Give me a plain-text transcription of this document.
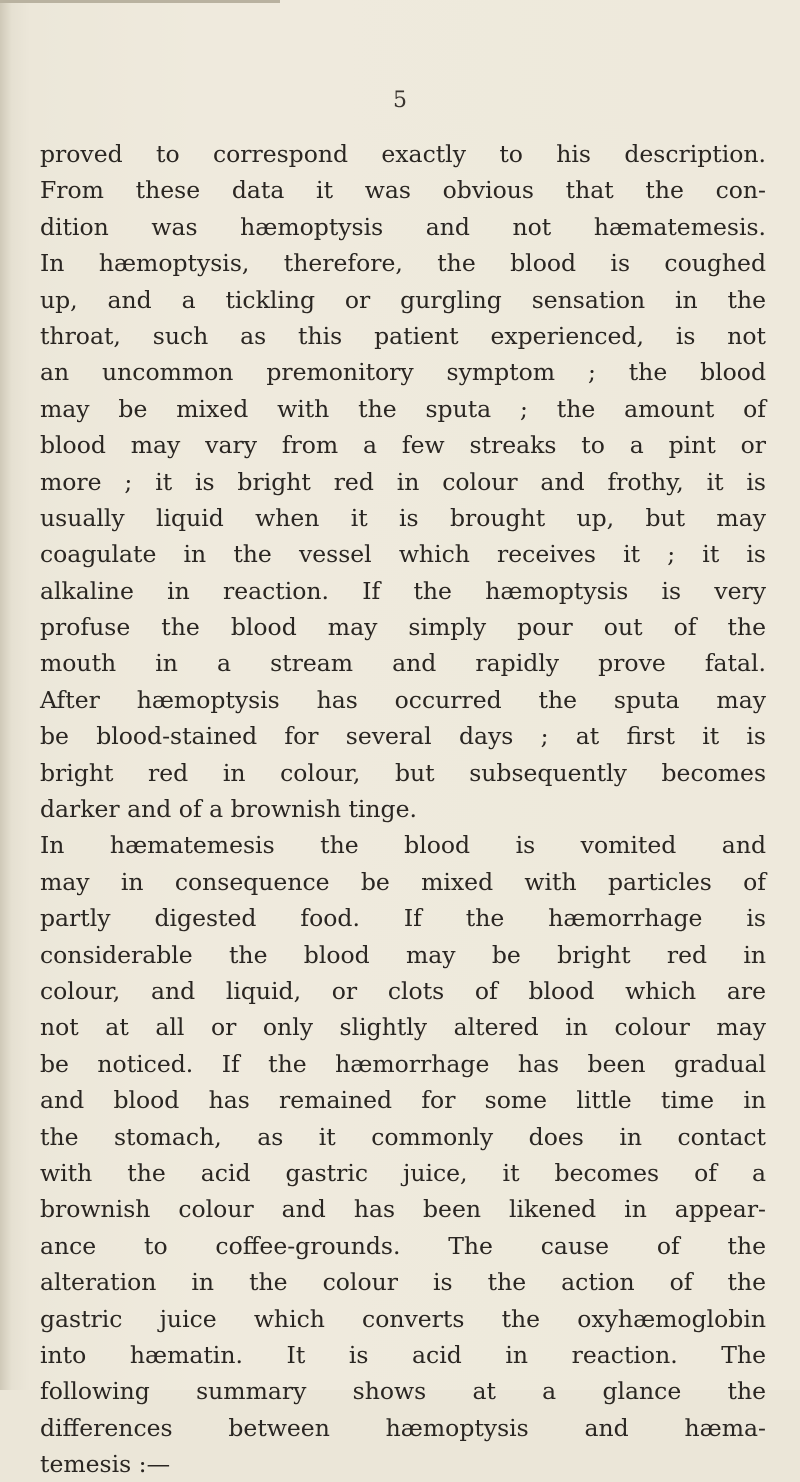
5
proved to correspond exactly to his description.
From these data it was obvious that the con-
dition was hæmoptysis and not hæmatemesis.
In hæmoptysis, therefore, the blood is coughed
up, and a tickling or gurgling sensation in the
throat, such as this patient experienced, is not
an uncommon premonitory symptom ; the blood
may be mixed with the sputa ; the amount of
blood may vary from a few streaks to a pint or
more ; it is bright red in colour and frothy, it is
usually liquid when it is brought up, but may
coagulate in the vessel which receives it ; it is
alkaline in reaction. If the hæmoptysis is very
profuse the blood may simply pour out of the
mouth in a stream and rapidly prove fatal.
After hæmoptysis has occurred the sputa may
be blood-stained for several days ; at first it is
bright red in colour, but subsequently becomes
darker and of a brownish tinge.
In hæmatemesis the blood is vomited and
may in consequence be mixed with particles of
partly digested food. If the hæmorrhage is
considerable the blood may be bright red in
colour, and liquid, or clots of blood which are
not at all or only slightly altered in colour may
be noticed. If the hæmorrhage has been gradual
and blood has remained for some little time in
the stomach, as it commonly does in contact
with the acid gastric juice, it becomes of a
brownish colour and has been likened in appear-
ance to coffee-grounds. The cause of the
alteration in the colour is the action of the
gastric juice which converts the oxyhæmoglobin
into hæmatin. It is acid in reaction. The
following summary shows at a glance the
differences between hæmoptysis and hæma-
temesis :—
